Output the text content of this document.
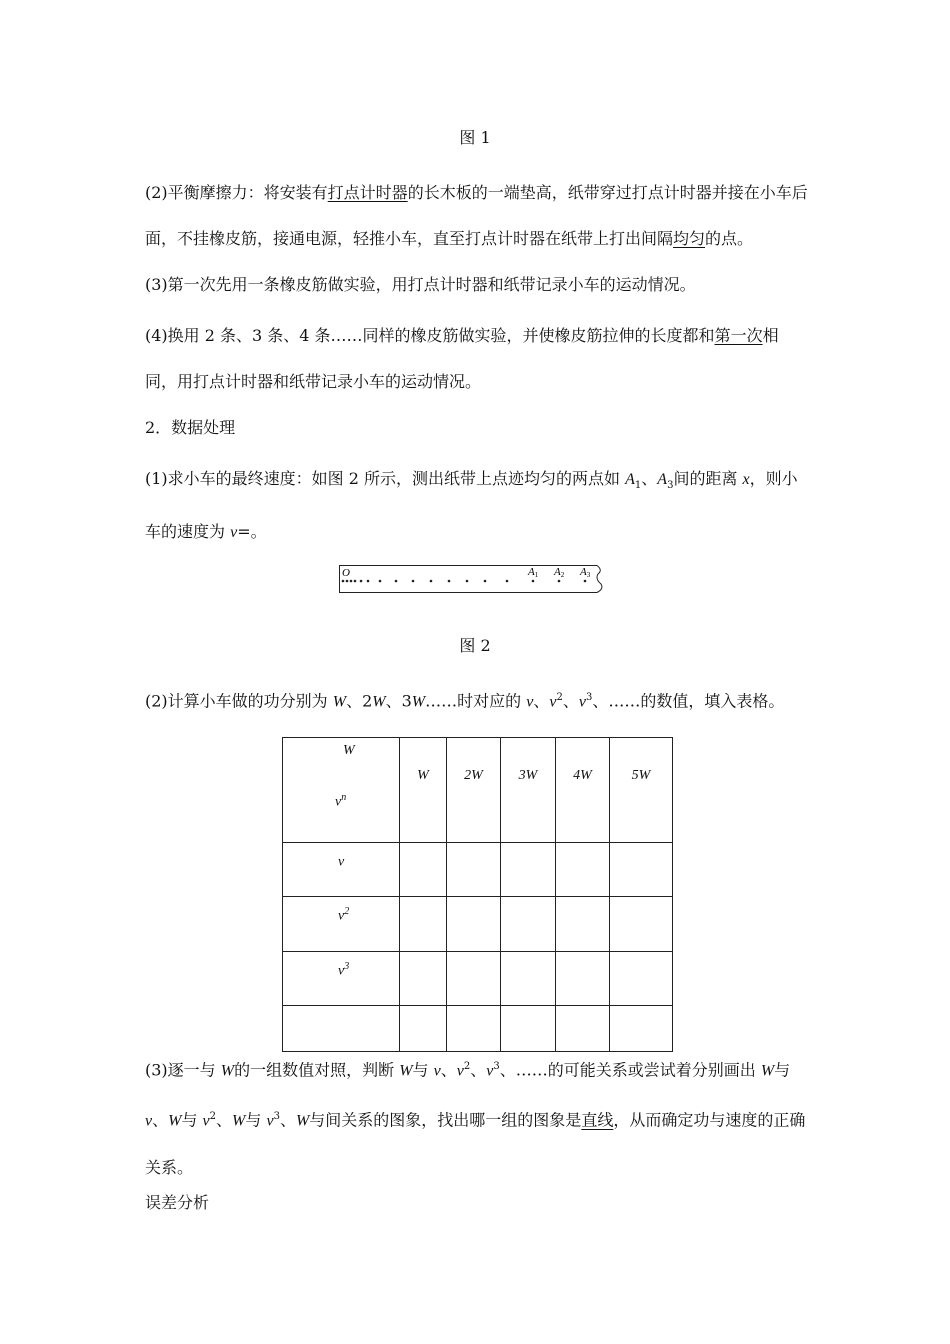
图 1

(2)平衡摩擦力：将安装有打点计时器的长木板的一端垫高，纸带穿过打点计时器并接在小车后面，不挂橡皮筋，接通电源，轻推小车，直至打点计时器在纸带上打出间隔均匀的点。

(3)第一次先用一条橡皮筋做实验，用打点计时器和纸带记录小车的运动情况。

(4)换用 2 条、3 条、4 条……同样的橡皮筋做实验，并使橡皮筋拉伸的长度都和第一次相同，用打点计时器和纸带记录小车的运动情况。

2．数据处理

(1)求小车的最终速度：如图 2 所示，测出纸带上点迹均匀的两点如 $A_1$、$A_3$间的距离 x，则小车的速度为 v=。

O	A1 A2 A3

图 2

(2)计算小车做的功分别为 W、2W、3W……时对应的 v、$v^2$、$v^3$、……的数值，填入表格。

W
$v^n$	W	2W	3W	4W	5W
v					
$v^2$					
$v^3$					

(3)逐一与 W的一组数值对照，判断 W与 v、$v^2$、$v^3$、……的可能关系或尝试着分别画出 W与 v、W与 $v^2$、W与 $v^3$、W与间关系的图象，找出哪一组的图象是直线，从而确定功与速度的正确关系。

误差分析
